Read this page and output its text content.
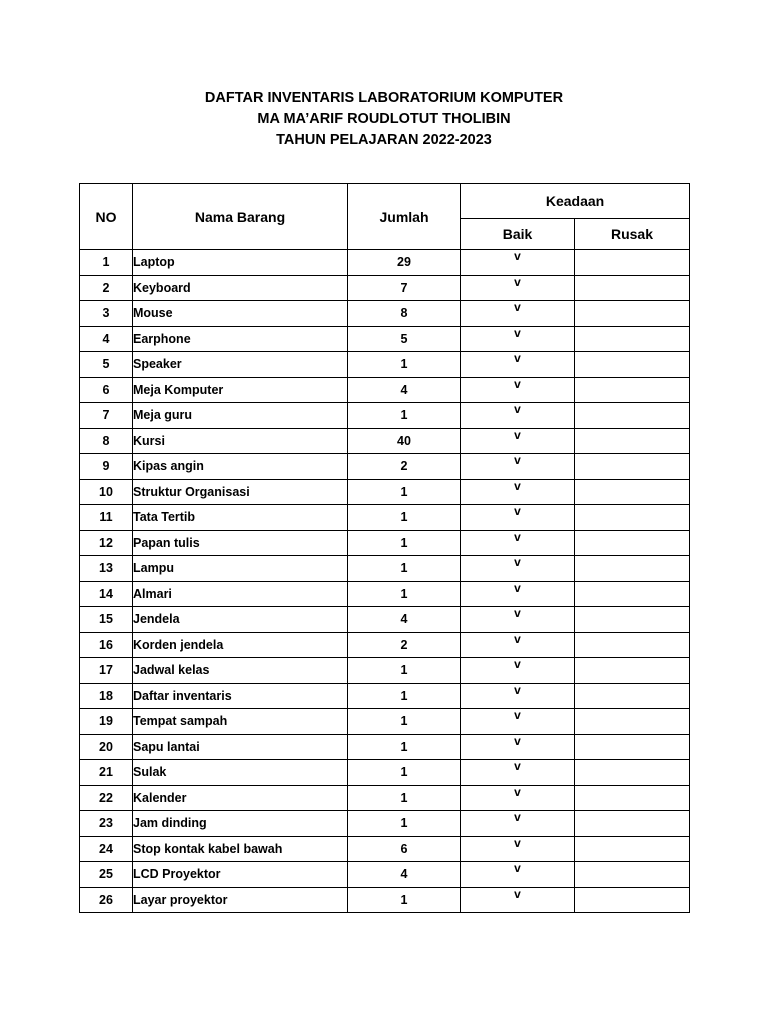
DAFTAR INVENTARIS LABORATORIUM KOMPUTER
MA MA’ARIF ROUDLOTUT THOLIBIN
TAHUN PELAJARAN 2022-2023
NO	Nama Barang	Jumlah	Keadaan	
			Baik	Rusak
1	Laptop	29	v	
2	Keyboard	7	v	
3	Mouse	8	v	
4	Earphone	5	v	
5	Speaker	1	v	
6	Meja Komputer	4	v	
7	Meja guru	1	v	
8	Kursi	40	v	
9	Kipas angin	2	v	
10	Struktur Organisasi	1	v	
11	Tata Tertib	1	v	
12	Papan tulis	1	v	
13	Lampu	1	v	
14	Almari	1	v	
15	Jendela	4	v	
16	Korden jendela	2	v	
17	Jadwal kelas	1	v	
18	Daftar inventaris	1	v	
19	Tempat sampah	1	v	
20	Sapu lantai	1	v	
21	Sulak	1	v	
22	Kalender	1	v	
23	Jam dinding	1	v	
24	Stop kontak kabel bawah	6	v	
25	LCD Proyektor	4	v	
26	Layar proyektor	1	v	
